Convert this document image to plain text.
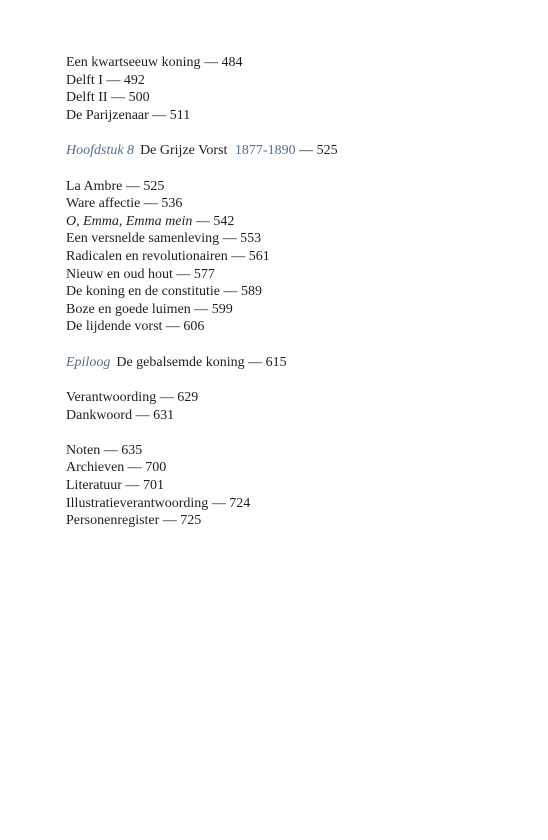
Een kwartseeuw koning — 484
Delft I — 492
Delft II — 500
De Parijzenaar — 511
Hoofdstuk 8 De Grijze Vorst 1877-1890 — 525
La Ambre — 525
Ware affectie — 536
O, Emma, Emma mein — 542
Een versnelde samenleving — 553
Radicalen en revolutionairen — 561
Nieuw en oud hout — 577
De koning en de constitutie — 589
Boze en goede luimen — 599
De lijdende vorst — 606
Epiloog De gebalsemde koning — 615
Verantwoording — 629
Dankwoord — 631
Noten — 635
Archieven — 700
Literatuur — 701
Illustratieverantwoording — 724
Personenregister — 725
